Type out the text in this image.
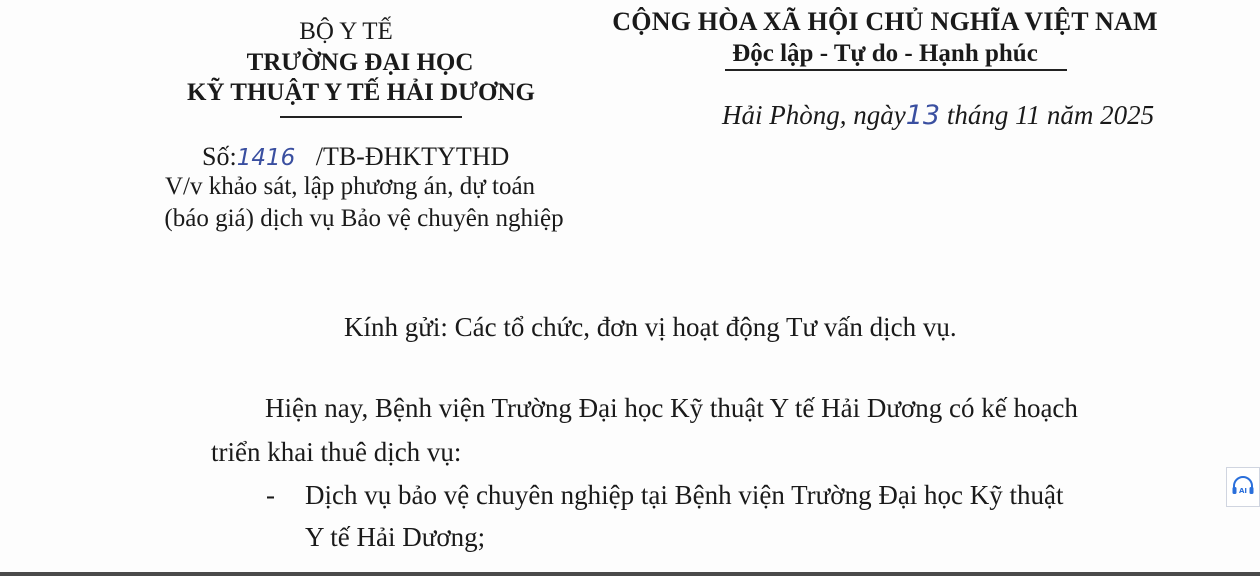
BỘ Y TẾ
TRƯỜNG ĐẠI HỌC
KỸ THUẬT Y TẾ HẢI DƯƠNG
CỘNG HÒA XÃ HỘI CHỦ NGHĨA VIỆT NAM
Độc lập - Tự do - Hạnh phúc
Hải Phòng, ngày13 tháng 11 năm 2025
Số:1416 /TB-ĐHKTYTHD
V/v khảo sát, lập phương án, dự toán
(báo giá) dịch vụ Bảo vệ chuyên nghiệp
Kính gửi: Các tổ chức, đơn vị hoạt động Tư vấn dịch vụ.
Hiện nay, Bệnh viện Trường Đại học Kỹ thuật Y tế Hải Dương có kế hoạch
triển khai thuê dịch vụ:
- Dịch vụ bảo vệ chuyên nghiệp tại Bệnh viện Trường Đại học Kỹ thuật
Y tế Hải Dương;

AI
